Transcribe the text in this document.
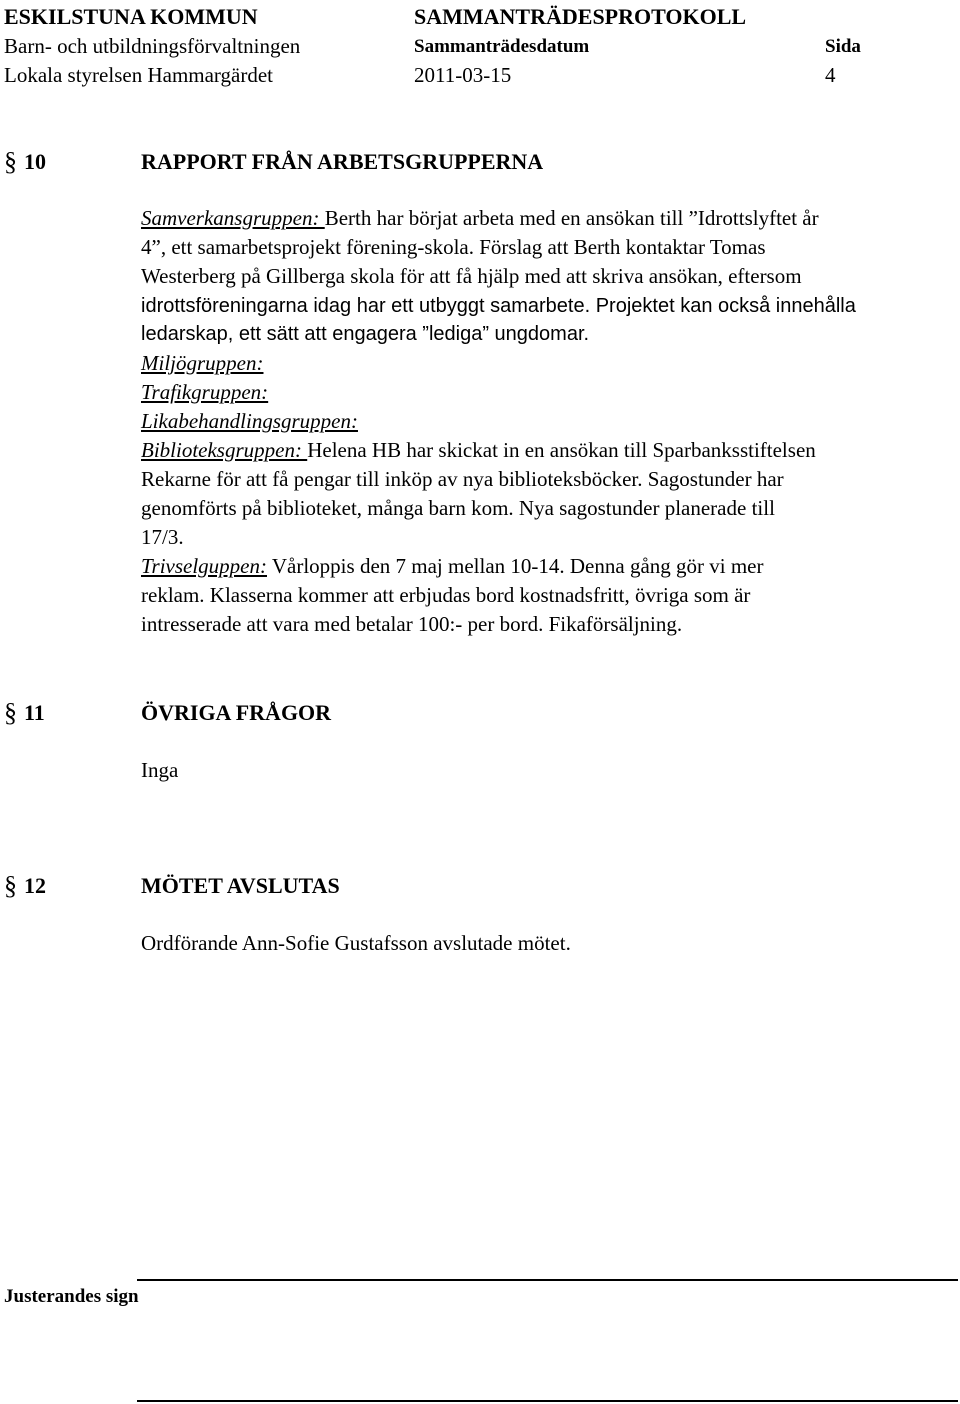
ESKILSTUNA KOMMUN	SAMMANTRÄDESPROTOKOLL
Barn- och utbildningsförvaltningen	Sammanträdesdatum	Sida
Lokala styrelsen Hammargärdet	2011-03-15	4
§ 10	RAPPORT FRÅN ARBETSGRUPPERNA
Samverkansgruppen: Berth har börjat arbeta med en ansökan till ”Idrottslyftet år
4”, ett samarbetsprojekt förening-skola. Förslag att Berth kontaktar Tomas
Westerberg på Gillberga skola för att få hjälp med att skriva ansökan, eftersom
idrottsföreningarna idag har ett utbyggt samarbete. Projektet kan också innehålla
ledarskap, ett sätt att engagera ”lediga” ungdomar.
Miljögruppen:
Trafikgruppen:
Likabehandlingsgruppen:
Biblioteksgruppen: Helena HB har skickat in en ansökan till Sparbanksstiftelsen
Rekarne för att få pengar till inköp av nya biblioteksböcker. Sagostunder har
genomförts på biblioteket, många barn kom. Nya sagostunder planerade till
17/3.
Trivselguppen: Vårloppis den 7 maj mellan 10-14. Denna gång gör vi mer
reklam. Klasserna kommer att erbjudas bord kostnadsfritt, övriga som är
intresserade att vara med betalar 100:- per bord. Fikaförsäljning.
§ 11	ÖVRIGA FRÅGOR
Inga
§ 12	MÖTET AVSLUTAS
Ordförande Ann-Sofie Gustafsson avslutade mötet.
Justerandes sign
